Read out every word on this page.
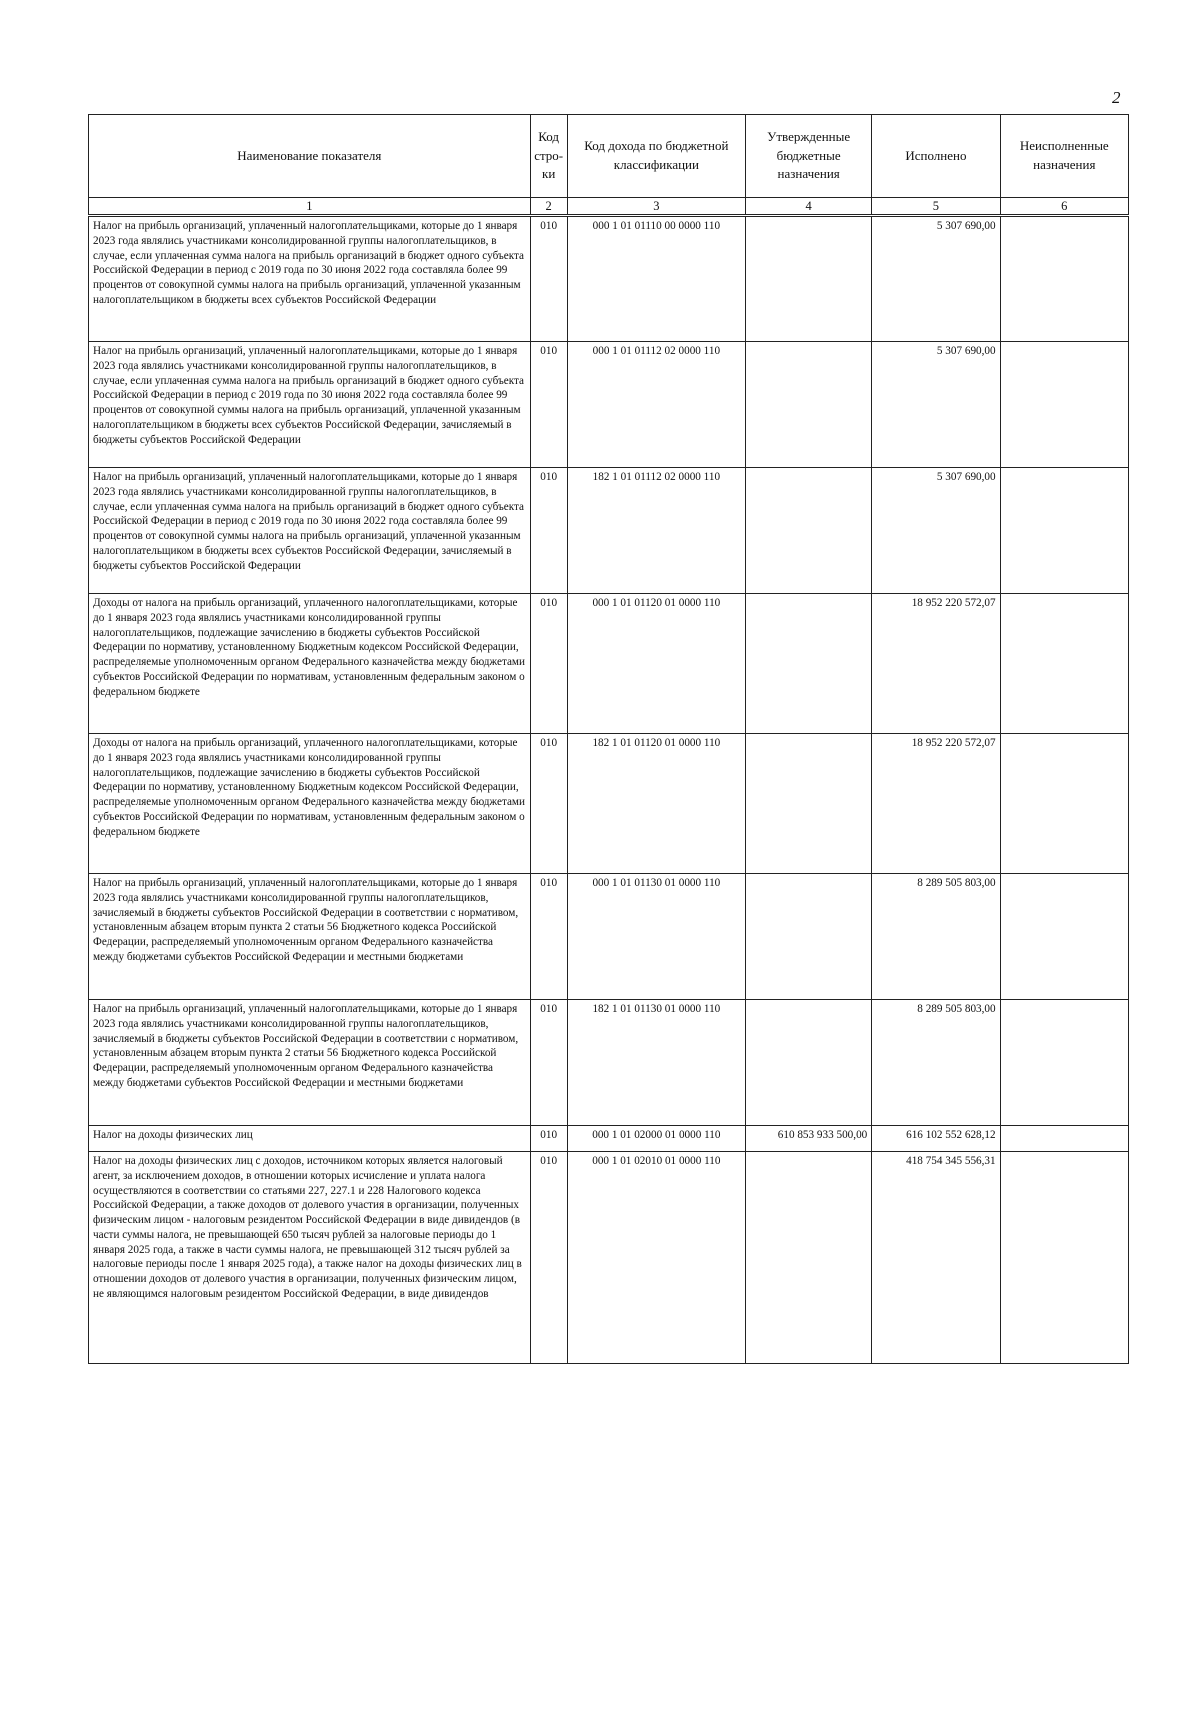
2
Наименование показателя	Код стро- ки	Код дохода по бюджетной классификации	Утвержденные бюджетные назначения	Исполнено	Неисполненные назначения
1	2	3	4	5	6
Налог на прибыль организаций, уплаченный налогоплательщиками, которые до 1 января 2023 года являлись участниками консолидированной группы налогоплательщиков, в случае, если уплаченная сумма налога на прибыль организаций в бюджет одного субъекта Российской Федерации в период с 2019 года по 30 июня 2022 года составляла более 99 процентов от совокупной суммы налога на прибыль организаций, уплаченной указанным налогоплательщиком в бюджеты всех субъектов Российской Федерации	010	000 1 01 01110 00 0000 110		5 307 690,00	
Налог на прибыль организаций, уплаченный налогоплательщиками, которые до 1 января 2023 года являлись участниками консолидированной группы налогоплательщиков, в случае, если уплаченная сумма налога на прибыль организаций в бюджет одного субъекта Российской Федерации в период с 2019 года по 30 июня 2022 года составляла более 99 процентов от совокупной суммы налога на прибыль организаций, уплаченной указанным налогоплательщиком в бюджеты всех субъектов Российской Федерации, зачисляемый в бюджеты субъектов Российской Федерации	010	000 1 01 01112 02 0000 110		5 307 690,00	
Налог на прибыль организаций, уплаченный налогоплательщиками, которые до 1 января 2023 года являлись участниками консолидированной группы налогоплательщиков, в случае, если уплаченная сумма налога на прибыль организаций в бюджет одного субъекта Российской Федерации в период с 2019 года по 30 июня 2022 года составляла более 99 процентов от совокупной суммы налога на прибыль организаций, уплаченной указанным налогоплательщиком в бюджеты всех субъектов Российской Федерации, зачисляемый в бюджеты субъектов Российской Федерации	010	182 1 01 01112 02 0000 110		5 307 690,00	
Доходы от налога на прибыль организаций, уплаченного налогоплательщиками, которые до 1 января 2023 года являлись участниками консолидированной группы налогоплательщиков, подлежащие зачислению в бюджеты субъектов Российской Федерации по нормативу, установленному Бюджетным кодексом Российской Федерации, распределяемые уполномоченным органом Федерального казначейства между бюджетами субъектов Российской Федерации по нормативам, установленным федеральным законом о федеральном бюджете	010	000 1 01 01120 01 0000 110		18 952 220 572,07	
Доходы от налога на прибыль организаций, уплаченного налогоплательщиками, которые до 1 января 2023 года являлись участниками консолидированной группы налогоплательщиков, подлежащие зачислению в бюджеты субъектов Российской Федерации по нормативу, установленному Бюджетным кодексом Российской Федерации, распределяемые уполномоченным органом Федерального казначейства между бюджетами субъектов Российской Федерации по нормативам, установленным федеральным законом о федеральном бюджете	010	182 1 01 01120 01 0000 110		18 952 220 572,07	
Налог на прибыль организаций, уплаченный налогоплательщиками, которые до 1 января 2023 года являлись участниками консолидированной группы налогоплательщиков, зачисляемый в бюджеты субъектов Российской Федерации в соответствии с нормативом, установленным абзацем вторым пункта 2 статьи 56 Бюджетного кодекса Российской Федерации, распределяемый уполномоченным органом Федерального казначейства между бюджетами субъектов Российской Федерации и местными бюджетами	010	000 1 01 01130 01 0000 110		8 289 505 803,00	
Налог на прибыль организаций, уплаченный налогоплательщиками, которые до 1 января 2023 года являлись участниками консолидированной группы налогоплательщиков, зачисляемый в бюджеты субъектов Российской Федерации в соответствии с нормативом, установленным абзацем вторым пункта 2 статьи 56 Бюджетного кодекса Российской Федерации, распределяемый уполномоченным органом Федерального казначейства между бюджетами субъектов Российской Федерации и местными бюджетами	010	182 1 01 01130 01 0000 110		8 289 505 803,00	
Налог на доходы физических лиц	010	000 1 01 02000 01 0000 110	610 853 933 500,00	616 102 552 628,12	
Налог на доходы физических лиц с доходов, источником которых является налоговый агент, за исключением доходов, в отношении которых исчисление и уплата налога осуществляются в соответствии со статьями 227, 227.1 и 228 Налогового кодекса Российской Федерации, а также доходов от долевого участия в организации, полученных физическим лицом - налоговым резидентом Российской Федерации в виде дивидендов (в части суммы налога, не превышающей 650 тысяч рублей за налоговые периоды до 1 января 2025 года, а также в части суммы налога, не превышающей 312 тысяч рублей за налоговые периоды после 1 января 2025 года), а также налог на доходы физических лиц в отношении доходов от долевого участия в организации, полученных физическим лицом, не являющимся налоговым резидентом Российской Федерации, в виде дивидендов	010	000 1 01 02010 01 0000 110		418 754 345 556,31	
